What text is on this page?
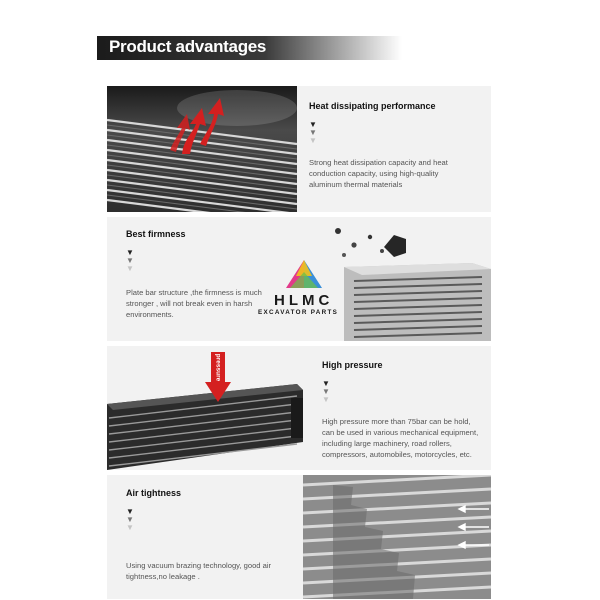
Product advantages
Heat dissipating performance
▼
▼
▼
Strong heat dissipation capacity and heat conduction capacity, using high-quality aluminum thermal materials
Best firmness
▼
▼
▼
Plate bar structure ,the firmness is much stronger , will not break even in harsh environments.
HLMC
EXCAVATOR PARTS
pressure	High pressure
▼
▼
▼
High pressure more than 75bar can be hold, can be used in various mechanical equipment, including large machinery, road rollers, compressors, automobiles, motorcycles, etc.
Air tightness
▼
▼
▼
Using vacuum brazing technology, good air tightness,no leakage .
